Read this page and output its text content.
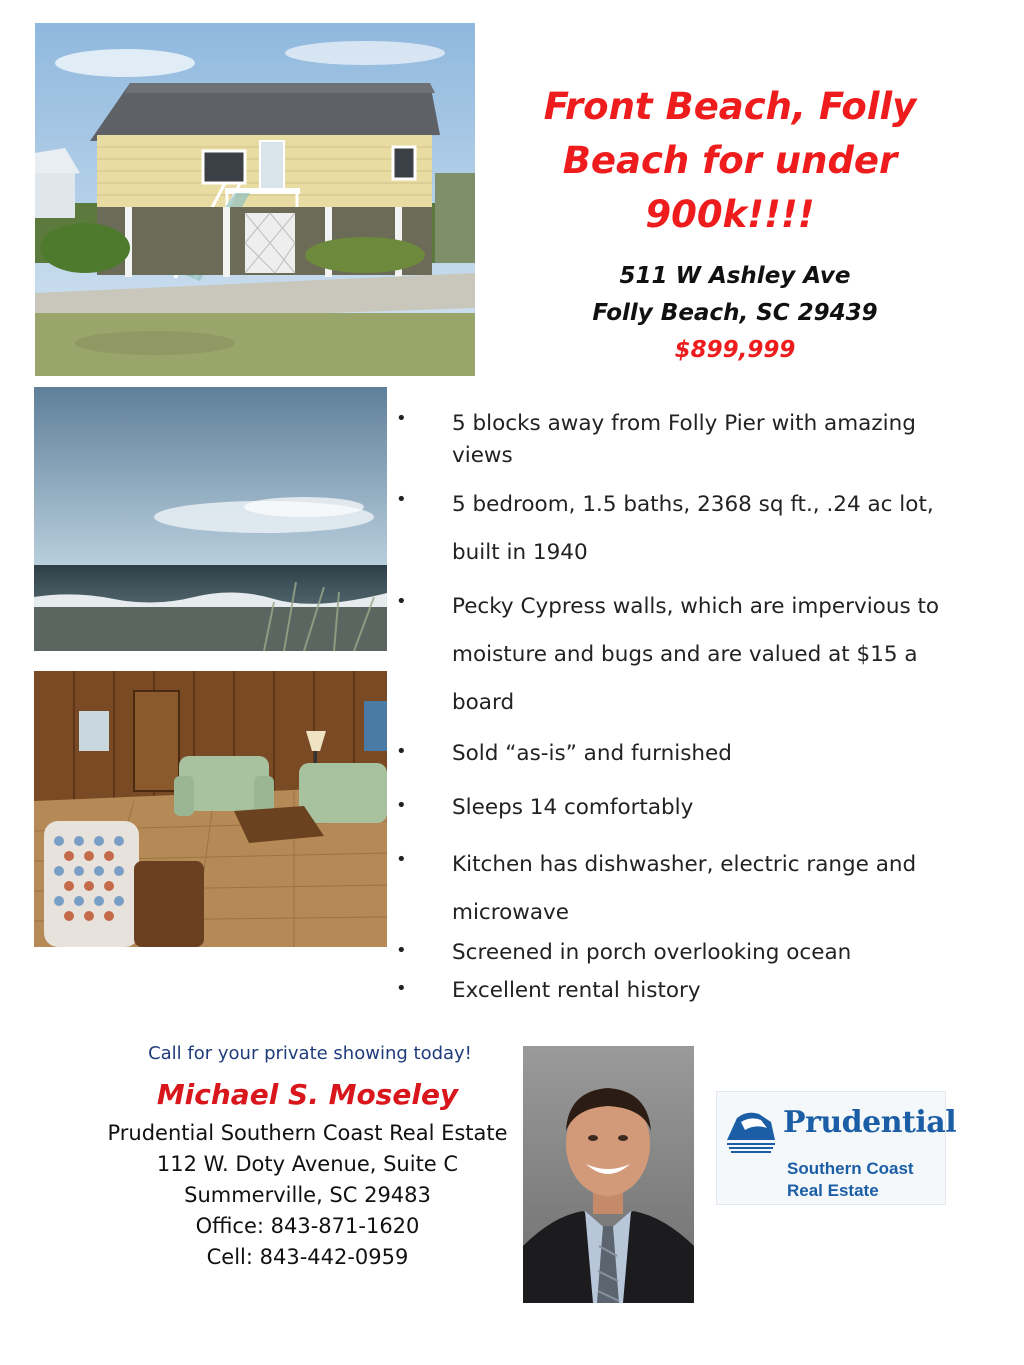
Front Beach, Folly
Beach for under
900k!!!!
511 W Ashley Ave
Folly Beach, SC 29439
$899,999
• 5 blocks away from Folly Pier with amazing
views
• 5 bedroom, 1.5 baths, 2368 sq ft., .24 ac lot,
built in 1940
• Pecky Cypress walls, which are impervious to
moisture and bugs and are valued at $15 a
board
• Sold “as-is” and furnished
• Sleeps 14 comfortably
• Kitchen has dishwasher, electric range and
microwave
• Screened in porch overlooking ocean
• Excellent rental history
Call for your private showing today!
Michael S. Moseley
Prudential Southern Coast Real Estate
112 W. Doty Avenue, Suite C
Summerville, SC 29483
Office: 843-871-1620
Cell: 843-442-0959
Prudential
Southern Coast
Real Estate
